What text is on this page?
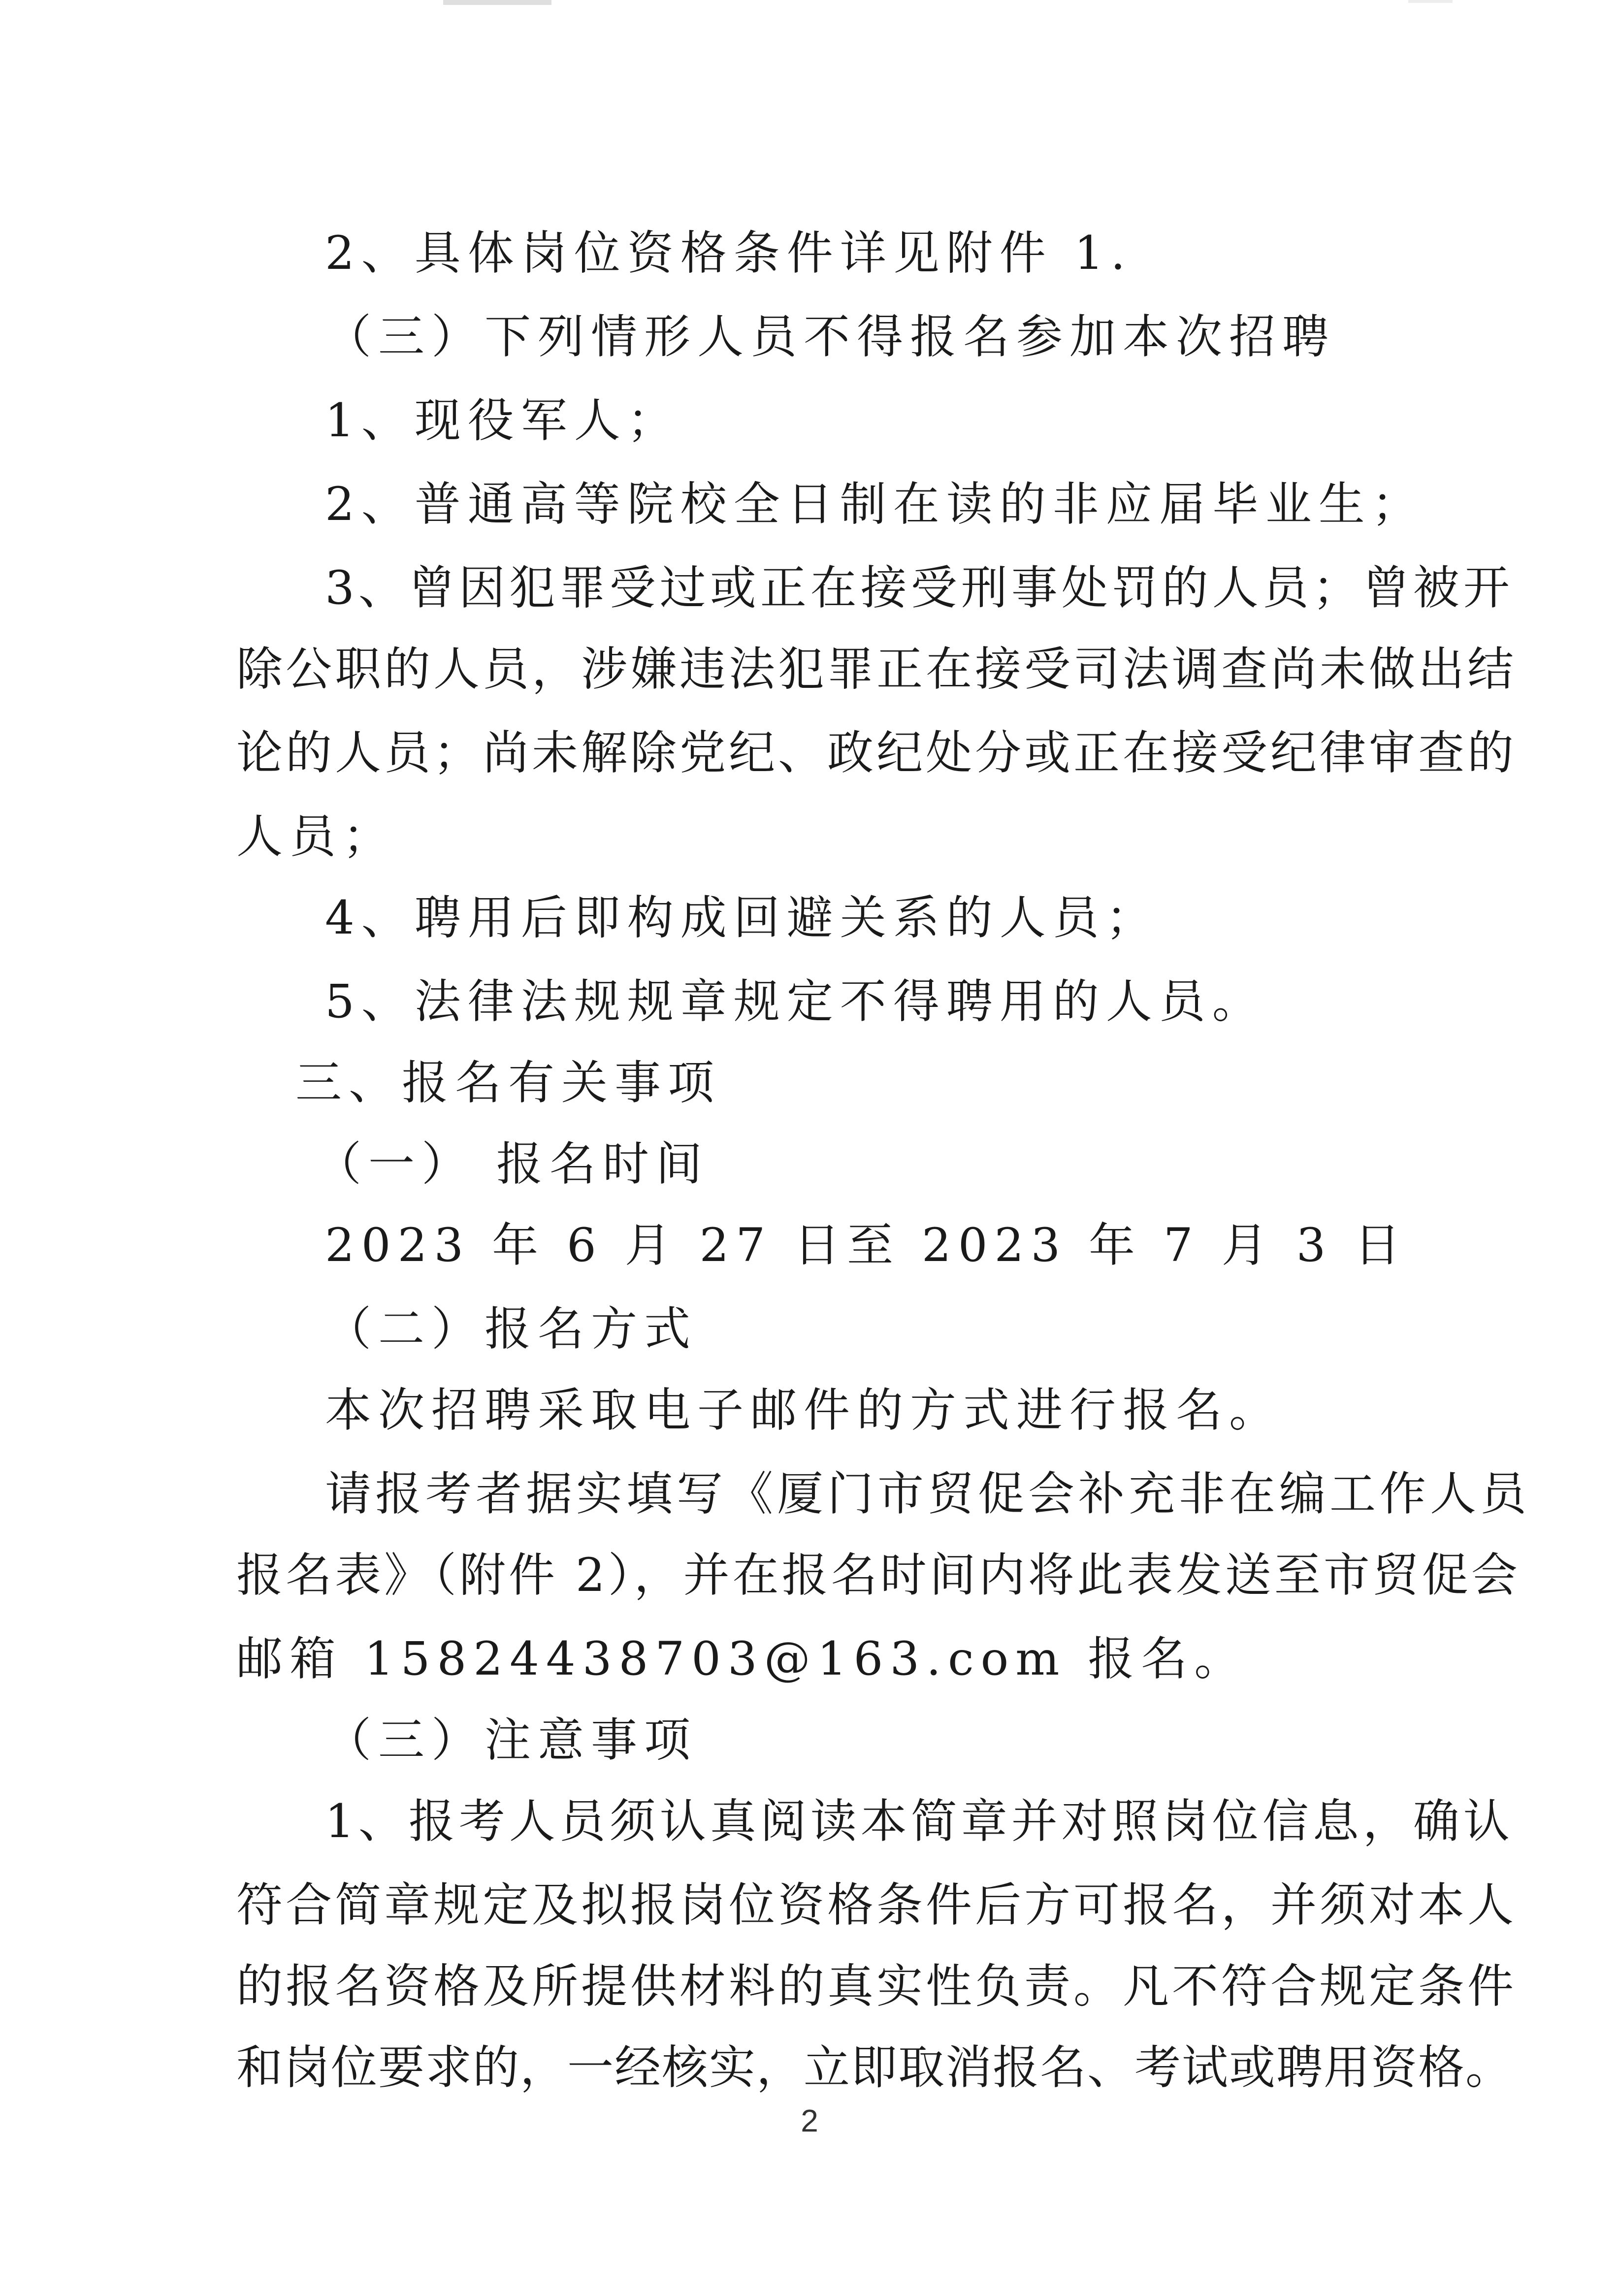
2、具体岗位资格条件详见附件 1.
（三）下列情形人员不得报名参加本次招聘
1、现役军人；
2、普通高等院校全日制在读的非应届毕业生；
3、曾因犯罪受过或正在接受刑事处罚的人员；曾被开
除公职的人员，涉嫌违法犯罪正在接受司法调查尚未做出结
论的人员；尚未解除党纪、政纪处分或正在接受纪律审查的
人员；
4、聘用后即构成回避关系的人员；
5、法律法规规章规定不得聘用的人员。
三、报名有关事项
（一） 报名时间
2023 年 6 月 27 日至 2023 年 7 月 3 日
（二）报名方式
本次招聘采取电子邮件的方式进行报名。
请报考者据实填写《厦门市贸促会补充非在编工作人员
报名表》（附件 2），并在报名时间内将此表发送至市贸促会
邮箱 15824438703@163.com 报名。
（三）注意事项
1、报考人员须认真阅读本简章并对照岗位信息，确认
符合简章规定及拟报岗位资格条件后方可报名，并须对本人
的报名资格及所提供材料的真实性负责。凡不符合规定条件
和岗位要求的，一经核实，立即取消报名、考试或聘用资格。
2
